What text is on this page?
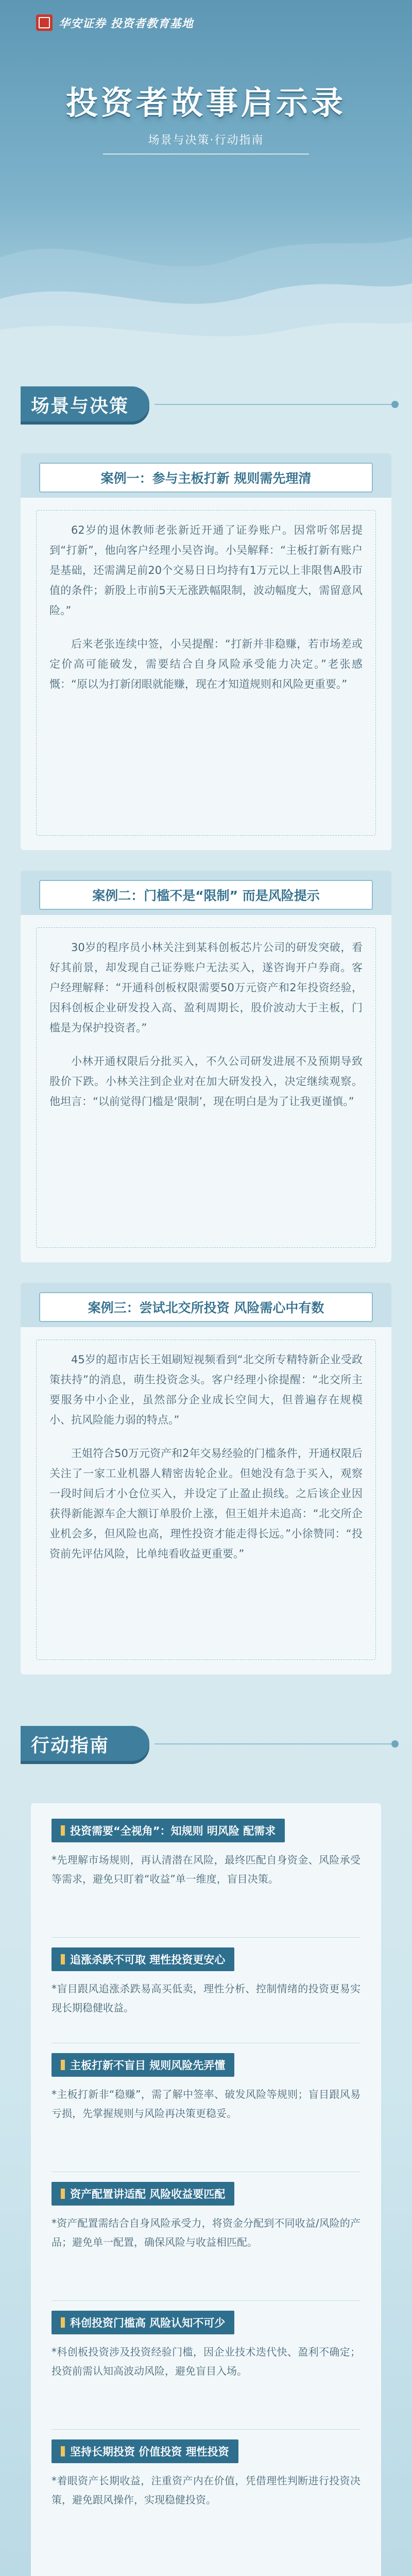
华安证券 投资者教育基地
投资者故事启示录
场景与决策·行动指南
场景与决策
案例一：参与主板打新 规则需先理清

62岁的退休教师老张新近开通了证券账户。因常听邻居提到“打新”，他向客户经理小吴咨询。小吴解释：“主板打新有账户是基础，还需满足前20个交易日日均持有1万元以上非限售A股市值的条件；新股上市前5天无涨跌幅限制，波动幅度大，需留意风险。”

后来老张连续中签，小吴提醒：“打新并非稳赚，若市场差或定价高可能破发，需要结合自身风险承受能力决定。”老张感慨：“原以为打新闭眼就能赚，现在才知道规则和风险更重要。”

案例二：门槛不是“限制” 而是风险提示

30岁的程序员小林关注到某科创板芯片公司的研发突破，看好其前景，却发现自己证券账户无法买入，遂咨询开户券商。客户经理解释：“开通科创板权限需要50万元资产和2年投资经验，因科创板企业研发投入高、盈利周期长，股价波动大于主板，门槛是为保护投资者。”

小林开通权限后分批买入，不久公司研发进展不及预期导致股价下跌。小林关注到企业对在加大研发投入，决定继续观察。他坦言：“以前觉得门槛是‘限制’，现在明白是为了让我更谨慎。”

案例三：尝试北交所投资 风险需心中有数

45岁的超市店长王姐刷短视频看到“北交所专精特新企业受政策扶持”的消息，萌生投资念头。客户经理小徐提醒：“北交所主要服务中小企业，虽然部分企业成长空间大，但普遍存在规模小、抗风险能力弱的特点。”

王姐符合50万元资产和2年交易经验的门槛条件，开通权限后关注了一家工业机器人精密齿轮企业。但她没有急于买入，观察一段时间后才小仓位买入，并设定了止盈止损线。之后该企业因获得新能源车企大额订单股价上涨，但王姐并未追高：“北交所企业机会多，但风险也高，理性投资才能走得长远。”小徐赞同：“投资前先评估风险，比单纯看收益更重要。”

行动指南
投资需要“全视角”：知规则 明风险 配需求
*先理解市场规则，再认清潜在风险，最终匹配自身资金、风险承受等需求，避免只盯着“收益”单一维度，盲目决策。
追涨杀跌不可取 理性投资更安心
*盲目跟风追涨杀跌易高买低卖，理性分析、控制情绪的投资更易实现长期稳健收益。
主板打新不盲目 规则风险先弄懂
*主板打新非“稳赚”，需了解中签率、破发风险等规则；盲目跟风易亏损，先掌握规则与风险再决策更稳妥。
资产配置讲适配 风险收益要匹配
*资产配置需结合自身风险承受力，将资金分配到不同收益/风险的产品；避免单一配置，确保风险与收益相匹配。
科创投资门槛高 风险认知不可少
*科创板投资涉及投资经验门槛，因企业技术迭代快、盈利不确定；投资前需认知高波动风险，避免盲目入场。
坚持长期投资 价值投资 理性投资
*着眼资产长期收益，注重资产内在价值，凭借理性判断进行投资决策，避免跟风操作，实现稳健投资。
